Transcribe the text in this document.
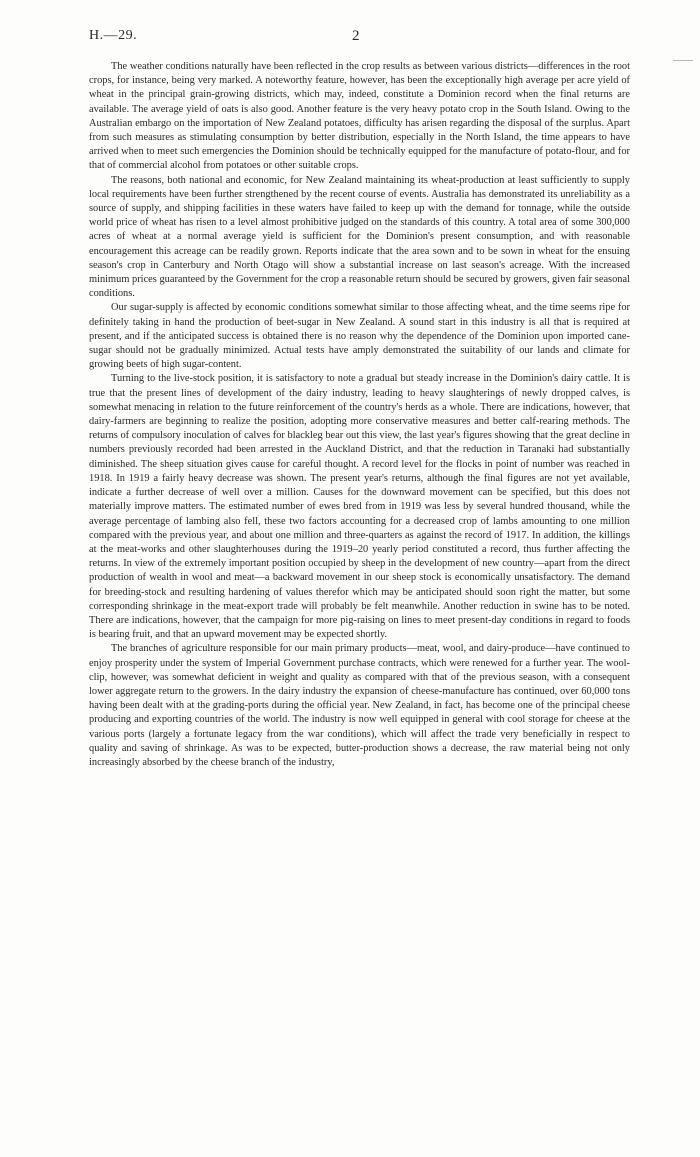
H.—29.	2

The weather conditions naturally have been reflected in the crop results as between various districts—differences in the root crops, for instance, being very marked. A noteworthy feature, however, has been the exceptionally high average per acre yield of wheat in the principal grain-growing districts, which may, indeed, constitute a Dominion record when the final returns are available. The average yield of oats is also good. Another feature is the very heavy potato crop in the South Island. Owing to the Australian embargo on the importation of New Zealand potatoes, difficulty has arisen regarding the disposal of the surplus. Apart from such measures as stimulating consumption by better distribution, especially in the North Island, the time appears to have arrived when to meet such emergencies the Dominion should be technically equipped for the manufacture of potato-flour, and for that of commercial alcohol from potatoes or other suitable crops.

The reasons, both national and economic, for New Zealand maintaining its wheat-production at least sufficiently to supply local requirements have been further strengthened by the recent course of events. Australia has demonstrated its unreliability as a source of supply, and shipping facilities in these waters have failed to keep up with the demand for tonnage, while the outside world price of wheat has risen to a level almost prohibitive judged on the standards of this country. A total area of some 300,000 acres of wheat at a normal average yield is sufficient for the Dominion's present consumption, and with reasonable encouragement this acreage can be readily grown. Reports indicate that the area sown and to be sown in wheat for the ensuing season's crop in Canterbury and North Otago will show a substantial increase on last season's acreage. With the increased minimum prices guaranteed by the Government for the crop a reasonable return should be secured by growers, given fair seasonal conditions.

Our sugar-supply is affected by economic conditions somewhat similar to those affecting wheat, and the time seems ripe for definitely taking in hand the production of beet-sugar in New Zealand. A sound start in this industry is all that is required at present, and if the anticipated success is obtained there is no reason why the dependence of the Dominion upon imported cane-sugar should not be gradually minimized. Actual tests have amply demonstrated the suitability of our lands and climate for growing beets of high sugar-content.

Turning to the live-stock position, it is satisfactory to note a gradual but steady increase in the Dominion's dairy cattle. It is true that the present lines of development of the dairy industry, leading to heavy slaughterings of newly dropped calves, is somewhat menacing in relation to the future reinforcement of the country's herds as a whole. There are indications, however, that dairy-farmers are beginning to realize the position, adopting more conservative measures and better calf-rearing methods. The returns of compulsory inoculation of calves for blackleg bear out this view, the last year's figures showing that the great decline in numbers previously recorded had been arrested in the Auckland District, and that the reduction in Taranaki had substantially diminished. The sheep situation gives cause for careful thought. A record level for the flocks in point of number was reached in 1918. In 1919 a fairly heavy decrease was shown. The present year's returns, although the final figures are not yet available, indicate a further decrease of well over a million. Causes for the downward movement can be specified, but this does not materially improve matters. The estimated number of ewes bred from in 1919 was less by several hundred thousand, while the average percentage of lambing also fell, these two factors accounting for a decreased crop of lambs amounting to one million compared with the previous year, and about one million and three-quarters as against the record of 1917. In addition, the killings at the meat-works and other slaughterhouses during the 1919–20 yearly period constituted a record, thus further affecting the returns. In view of the extremely important position occupied by sheep in the development of new country—apart from the direct production of wealth in wool and meat—a backward movement in our sheep stock is economically unsatisfactory. The demand for breeding-stock and resulting hardening of values therefor which may be anticipated should soon right the matter, but some corresponding shrinkage in the meat-export trade will probably be felt meanwhile. Another reduction in swine has to be noted. There are indications, however, that the campaign for more pig-raising on lines to meet present-day conditions in regard to foods is bearing fruit, and that an upward movement may be expected shortly.

The branches of agriculture responsible for our main primary products—meat, wool, and dairy-produce—have continued to enjoy prosperity under the system of Imperial Government purchase contracts, which were renewed for a further year. The wool-clip, however, was somewhat deficient in weight and quality as compared with that of the previous season, with a consequent lower aggregate return to the growers. In the dairy industry the expansion of cheese-manufacture has continued, over 60,000 tons having been dealt with at the grading-ports during the official year. New Zealand, in fact, has become one of the principal cheese producing and exporting countries of the world. The industry is now well equipped in general with cool storage for cheese at the various ports (largely a fortunate legacy from the war conditions), which will affect the trade very beneficially in respect to quality and saving of shrinkage. As was to be expected, butter-production shows a decrease, the raw material being not only increasingly absorbed by the cheese branch of the industry,
